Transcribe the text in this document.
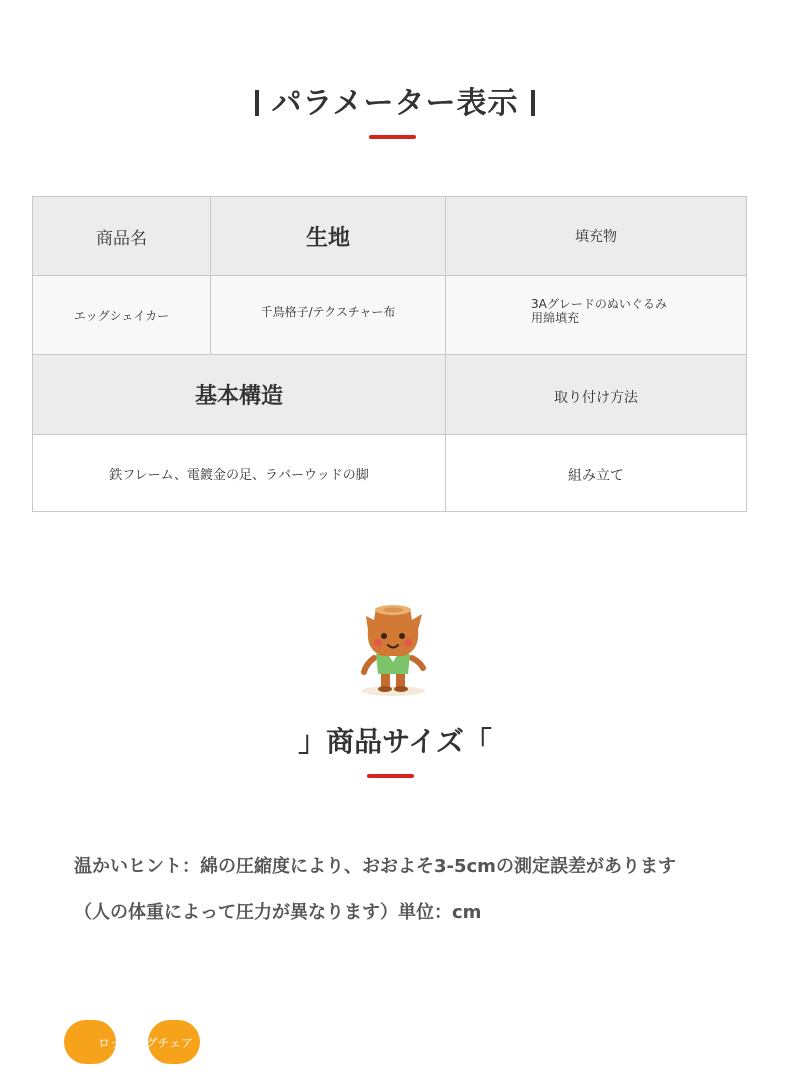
パラメーター表示
商品名	生地	填充物
エッグシェイカー	千鳥格子/テクスチャー布	3Aグレードのぬいぐるみ
用綿填充
基本構造		取り付け方法
鉄フレーム、電鍍金の足、ラバーウッドの脚		組み立て
」商品サイズ「
温かいヒント：綿の圧縮度により、おおよそ3-5cmの測定誤差があります
（人の体重によって圧力が異なります）単位：cm
ロッキングチェア
